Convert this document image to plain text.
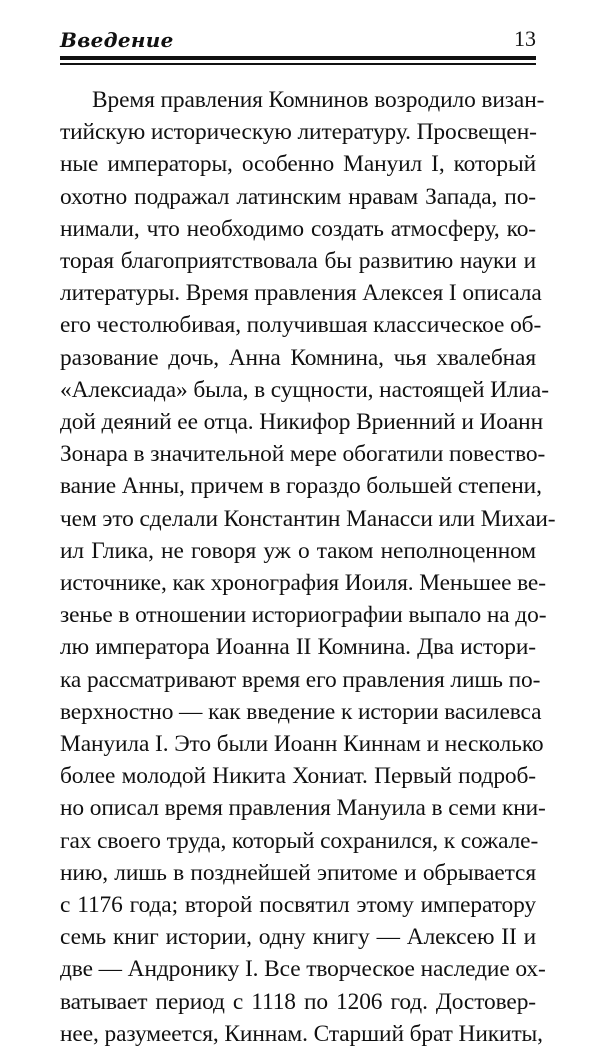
Введение	13
Время правления Комнинов возродило визан-
тийскую историческую литературу. Просвещен-
ные императоры, особенно Мануил I, который
охотно подражал латинским нравам Запада, по-
нимали, что необходимо создать атмосферу, ко-
торая благоприятствовала бы развитию науки и
литературы. Время правления Алексея I описала
его честолюбивая, получившая классическое об-
разование дочь, Анна Комнина, чья хвалебная
«Алексиада» была, в сущности, настоящей Илиа-
дой деяний ее отца. Никифор Вриенний и Иоанн
Зонара в значительной мере обогатили повество-
вание Анны, причем в гораздо большей степени,
чем это сделали Константин Манасси или Михаи-
ил Глика, не говоря уж о таком неполноценном
источнике, как хронография Иоиля. Меньшее ве-
зенье в отношении историографии выпало на до-
лю императора Иоанна II Комнина. Два истори-
ка рассматривают время его правления лишь по-
верхностно — как введение к истории василевса
Мануила I. Это были Иоанн Киннам и несколько
более молодой Никита Хониат. Первый подроб-
но описал время правления Мануила в семи кни-
гах своего труда, который сохранился, к сожале-
нию, лишь в позднейшей эпитоме и обрывается
с 1176 года; второй посвятил этому императору
семь книг истории, одну книгу — Алексею II и
две — Андронику I. Все творческое наследие ох-
ватывает период с 1118 по 1206 год. Достовер-
нее, разумеется, Киннам. Старший брат Никиты,
